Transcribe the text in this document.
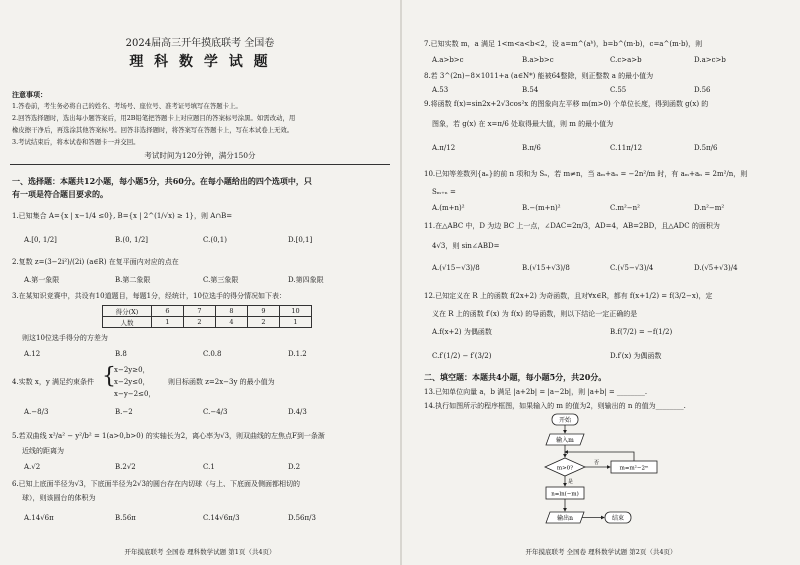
2024届高三开年摸底联考 全国卷
理 科 数 学 试 题
注意事项：
1.答卷前，考生务必将自己的姓名、考场号、座位号、准考证号填写在答题卡上。
2.回答选择题时，选出每小题答案后，用2B铅笔把答题卡上对应题目的答案标号涂黑。如需改动，用
橡皮擦干净后，再选涂其他答案标号。回答非选择题时，将答案写在答题卡上，写在本试卷上无效。
3.考试结束后，将本试卷和答题卡一并交回。
考试时间为120分钟，满分150分
一、选择题：本题共12小题，每小题5分，共60分。在每小题给出的四个选项中，只
有一项是符合题目要求的。
1.已知集合 A={x | x−1/4 ≤0}, B={x | 2^(1/√x) ≥ 1}，则 A∩B=
A.[0, 1/2]	B.(0, 1/2]	C.(0,1)	D.[0,1]
2.复数 z=(3−2i²)/(2i) (a∈R) 在复平面内对应的点在
A.第一象限	B.第二象限	C.第三象限	D.第四象限
3.在某知识竞赛中，共设有10道题目，每题1分，经统计，10位选手的得分情况如下表：
得分(X)	6	7	8	9	10
人数	1	2	4	2	1
则这10位选手得分的方差为
A.12	B.8	C.0.8	D.1.2
4.实数 x，y 满足约束条件 {
x−2y≥0，
x−2y≤0，
x−y−2≤0，
则目标函数 z=2x−3y 的最小值为
A.−8/3	B.−2	C.−4/3	D.4/3
5.若双曲线 x²/a² − y²/b² = 1(a>0,b>0) 的实轴长为2，离心率为√3，则双曲线的左焦点F到一条渐
近线的距离为
A.√2	B.2√2	C.1	D.2
6.已知上底面半径为√3，下底面半径为2√3的圆台存在内切球（与上、下底面及侧面都相切的
球），则该圆台的体积为
A.14√6π	B.56π	C.14√6π/3	D.56π/3
开年摸底联考 全国卷 理科数学试题 第1页（共4页）
7.已知实数 m，a 满足 1<m<a<b<2，设 a=m^(aᵇ)，b=b^(m·b)，c=a^(m·b)，则
A.a>b>c	B.a>b>c	C.c>a>b	D.a>c>b
8.若 3^(2n)−8×1011+a (a∈N*) 能被64整除，则正整数 a 的最小值为
A.53	B.54	C.55	D.56
9.将函数 f(x)=sin2x+2√3cos²x 的图象向左平移 m(m>0) 个单位长度，得到函数 g(x) 的
图象，若 g(x) 在 x=π/6 处取得最大值，则 m 的最小值为
A.π/12	B.π/6	C.11π/12	D.5π/6
10.已知等差数列{aₙ}的前 n 项和为 Sₙ，若 m≠n，当 aₘ+aₙ = −2n²/m 时，有 aₘ+aₙ = 2m²/n，则
Sₘ₊ₙ =
A.(m+n)²	B.−(m+n)²	C.m²−n²	D.n²−m²
11.在△ABC 中，D 为边 BC 上一点，∠DAC=2π/3，AD=4，AB=2BD，且△ADC 的面积为
4√3，则 sin∠ABD=
A.(√15−√3)/8	B.(√15+√3)/8	C.(√5−√3)/4	D.(√5+√3)/4
12.已知定义在 R 上的函数 f(2x+2) 为奇函数，且对∀x∈R，都有 f(x+1/2) = f(3/2−x)，定
义在 R 上的函数 f′(x) 为 f(x) 的导函数，则以下结论一定正确的是
A.f(x+2) 为偶函数	B.f(7/2) = −f(1/2)
C.f′(1/2) − f′(3/2)	D.f′(x) 为偶函数
二、填空题：本题共4小题，每小题5分，共20分。
13.已知单位向量 a，b 满足 |a+2b| = |a−2b|，则 |a+b| = ________.
14.执行如图所示的程序框图，如果输入的 m 的值为2，则输出的 n 的值为________.
开始
输入m
m>0?
否
m=m²−2ᵐ
是
n=ln(−m)
输出n	结束
开年摸底联考 全国卷 理科数学试题 第2页（共4页）
